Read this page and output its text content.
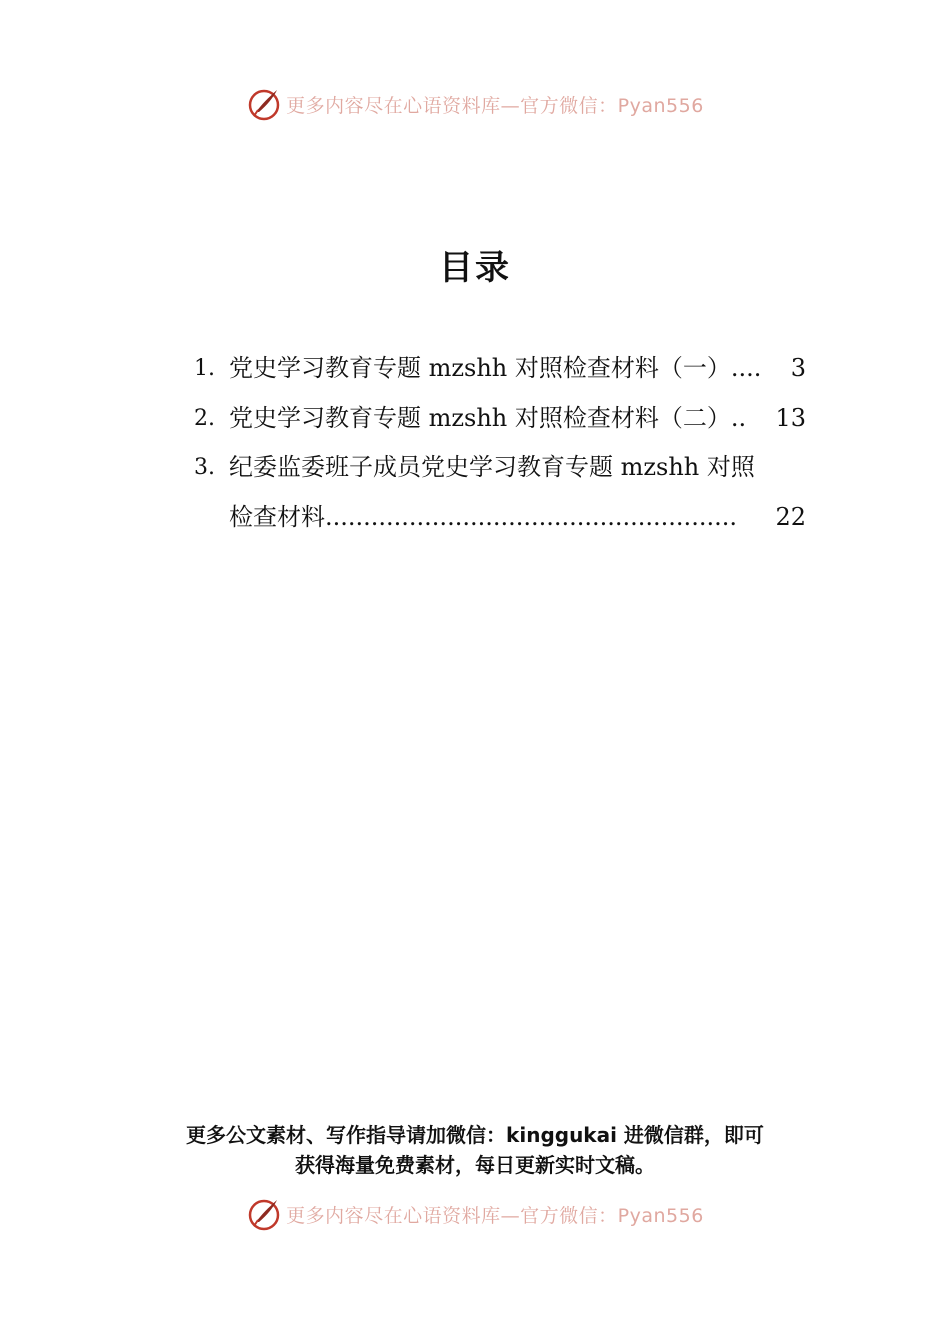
更多内容尽在心语资料库—官方微信：Pyan556
目录
1. 党史学习教育专题 mzshh 对照检查材料（一） ....	3
2. 党史学习教育专题 mzshh 对照检查材料（二） ..	13
3. 纪委监委班子成员党史学习教育专题 mzshh 对照
检查材料 ......................................................	22
更多公文素材、写作指导请加微信：kinggukai 进微信群，即可
获得海量免费素材，每日更新实时文稿。
更多内容尽在心语资料库—官方微信：Pyan556
